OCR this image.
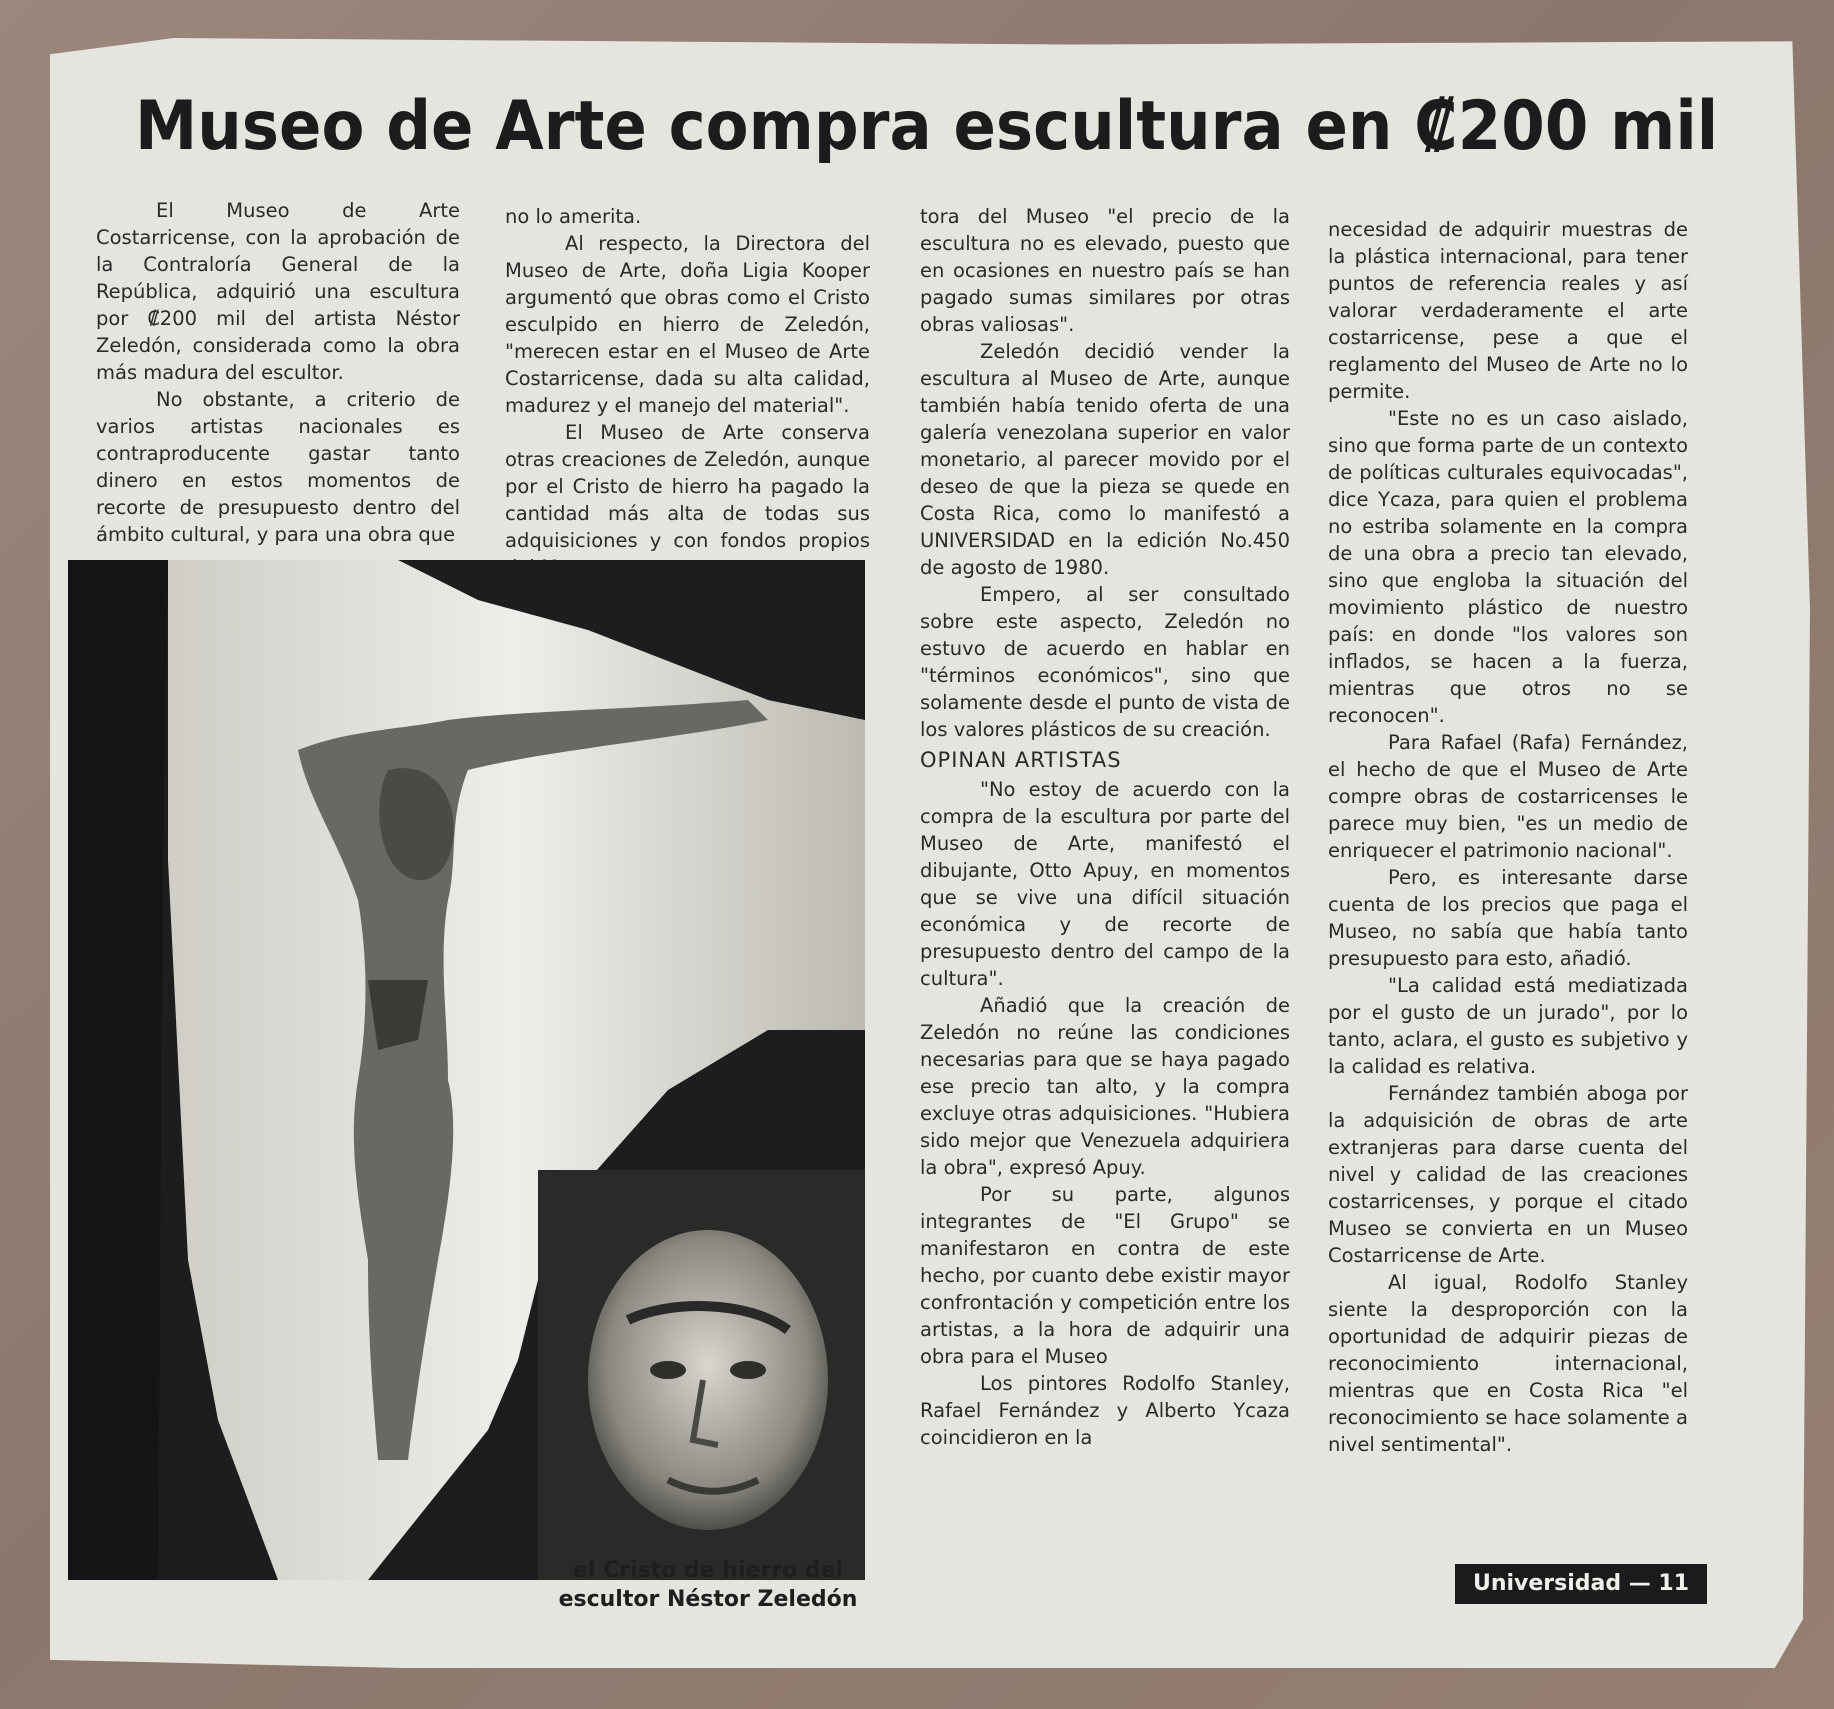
Museo de Arte compra escultura en ₡200 mil

El Museo de Arte Costarricense, con la aprobación de la Contraloría General de la República, adquirió una escultura por ₡200 mil del artista Néstor Zeledón, considerada como la obra más madura del escultor.

No obstante, a criterio de varios artistas nacionales es contraproducente gastar tanto dinero en estos momentos de recorte de presupuesto dentro del ámbito cultural, y para una obra que

no lo amerita.

Al respecto, la Directora del Museo de Arte, doña Ligia Kooper argumentó que obras como el Cristo esculpido en hierro de Zeledón, "merecen estar en el Museo de Arte Costarricense, dada su alta calidad, madurez y el manejo del material".

El Museo de Arte conserva otras creaciones de Zeledón, aunque por el Cristo de hierro ha pagado la cantidad más alta de todas sus adquisiciones y con fondos propios

tora del Museo "el precio de la escultura no es elevado, puesto que en ocasiones en nuestro país se han pagado sumas similares por otras obras valiosas".

Zeledón decidió vender la escultura al Museo de Arte, aunque también había tenido oferta de una galería venezolana superior en valor monetario, al parecer movido por el deseo de que la pieza se quede en Costa Rica, como lo manifestó a UNIVERSIDAD en la edición No.450 de agosto de 1980.

Empero, al ser consultado sobre este aspecto, Zeledón no estuvo de acuerdo en hablar en "términos económicos", sino que solamente desde el punto de vista de los valores plásticos de su creación.

OPINAN ARTISTAS

"No estoy de acuerdo con la compra de la escultura por parte del Museo de Arte, manifestó el dibujante, Otto Apuy, en momentos que se vive una difícil situación económica y de recorte de presupuesto dentro del campo de la cultura".

Añadió que la creación de Zeledón no reúne las condiciones necesarias para que se haya pagado ese precio tan alto, y la compra excluye otras adquisiciones. "Hubiera sido mejor que Venezuela adquiriera la obra", expresó Apuy.

Por su parte, algunos integrantes de "El Grupo" se manifestaron en contra de este hecho, por cuanto debe existir mayor confrontación y competición entre los artistas, a la hora de adquirir una obra para el Museo

Los pintores Rodolfo Stanley, Rafael Fernández y Alberto Ycaza coincidieron en la

necesidad de adquirir muestras de la plástica internacional, para tener puntos de referencia reales y así valorar verdaderamente el arte costarricense, pese a que el reglamento del Museo de Arte no lo permite.

"Este no es un caso aislado, sino que forma parte de un contexto de políticas culturales equivocadas", dice Ycaza, para quien el problema no estriba solamente en la compra de una obra a precio tan elevado, sino que engloba la situación del movimiento plástico de nuestro país: en donde "los valores son inflados, se hacen a la fuerza, mientras que otros no se reconocen".

Para Rafael (Rafa) Fernández, el hecho de que el Museo de Arte compre obras de costarricenses le parece muy bien, "es un medio de enriquecer el patrimonio nacional".

Pero, es interesante darse cuenta de los precios que paga el Museo, no sabía que había tanto presupuesto para esto, añadió.

"La calidad está mediatizada por el gusto de un jurado", por lo tanto, aclara, el gusto es subjetivo y la calidad es relativa.

Fernández también aboga por la adquisición de obras de arte extranjeras para darse cuenta del nivel y calidad de las creaciones costarricenses, y porque el citado Museo se convierta en un Museo Costarricense de Arte.

Al igual, Rodolfo Stanley siente la desproporción con la oportunidad de adquirir piezas de reconocimiento internacional, mientras que en Costa Rica "el reconocimiento se hace solamente a nivel sentimental".

el Cristo de hierro del escultor Néstor Zeledón
Universidad — 11
